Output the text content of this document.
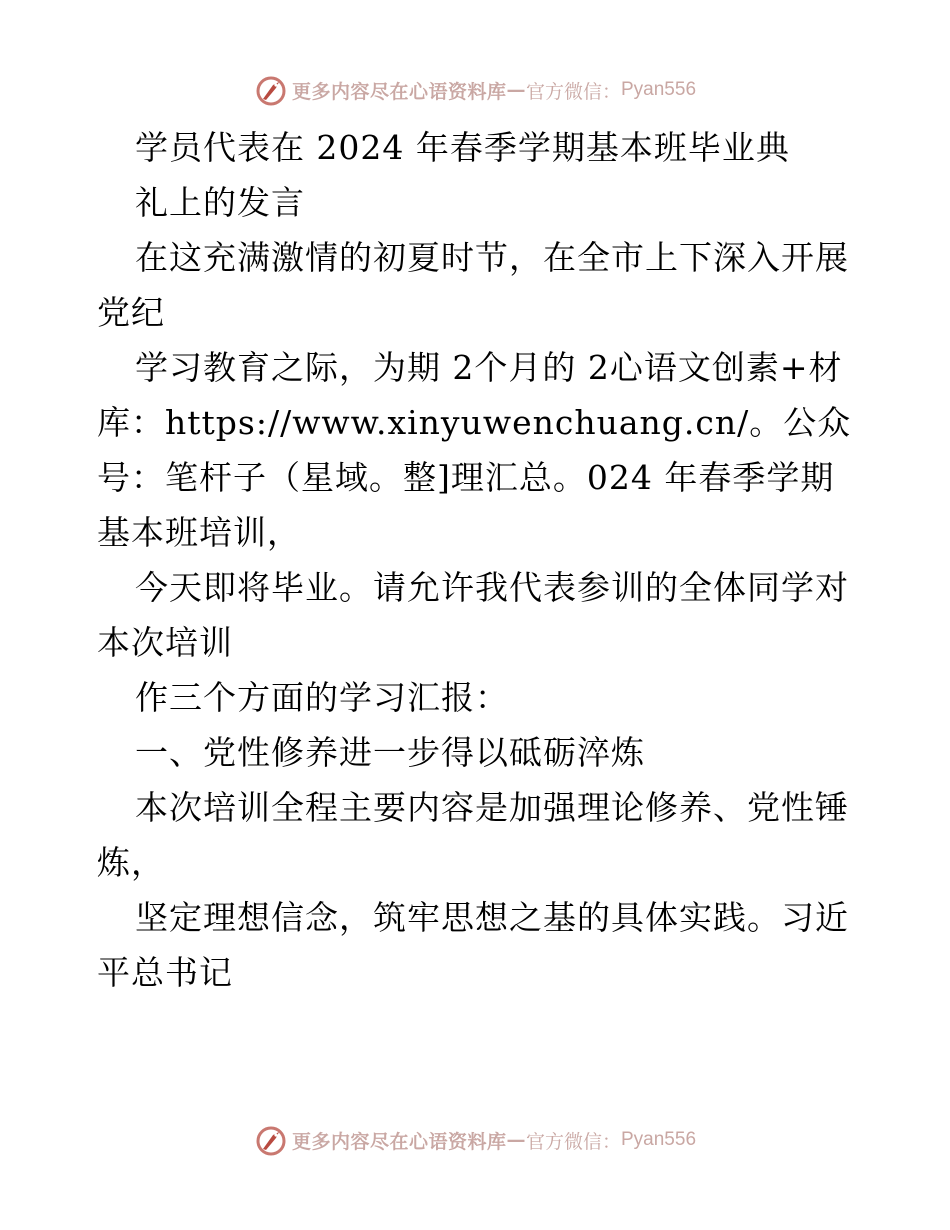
更多内容尽在心语资料库 — 官方微信： Pyan556

学员代表在 2024 年春季学期基本班毕业典

礼上的发言

在这充满激情的初夏时节，在全市上下深入开展党纪

学习教育之际，为期 2个月的 2心语文创素+材库：https://www.xinyuwenchuang.cn/。公众号：笔杆子（星域。整]理汇总。024 年春季学期基本班培训，

今天即将毕业。请允许我代表参训的全体同学对本次培训

作三个方面的学习汇报：

一、党性修养进一步得以砥砺淬炼

本次培训全程主要内容是加强理论修养、党性锤炼，

坚定理想信念，筑牢思想之基的具体实践。习近平总书记

更多内容尽在心语资料库 — 官方微信： Pyan556
